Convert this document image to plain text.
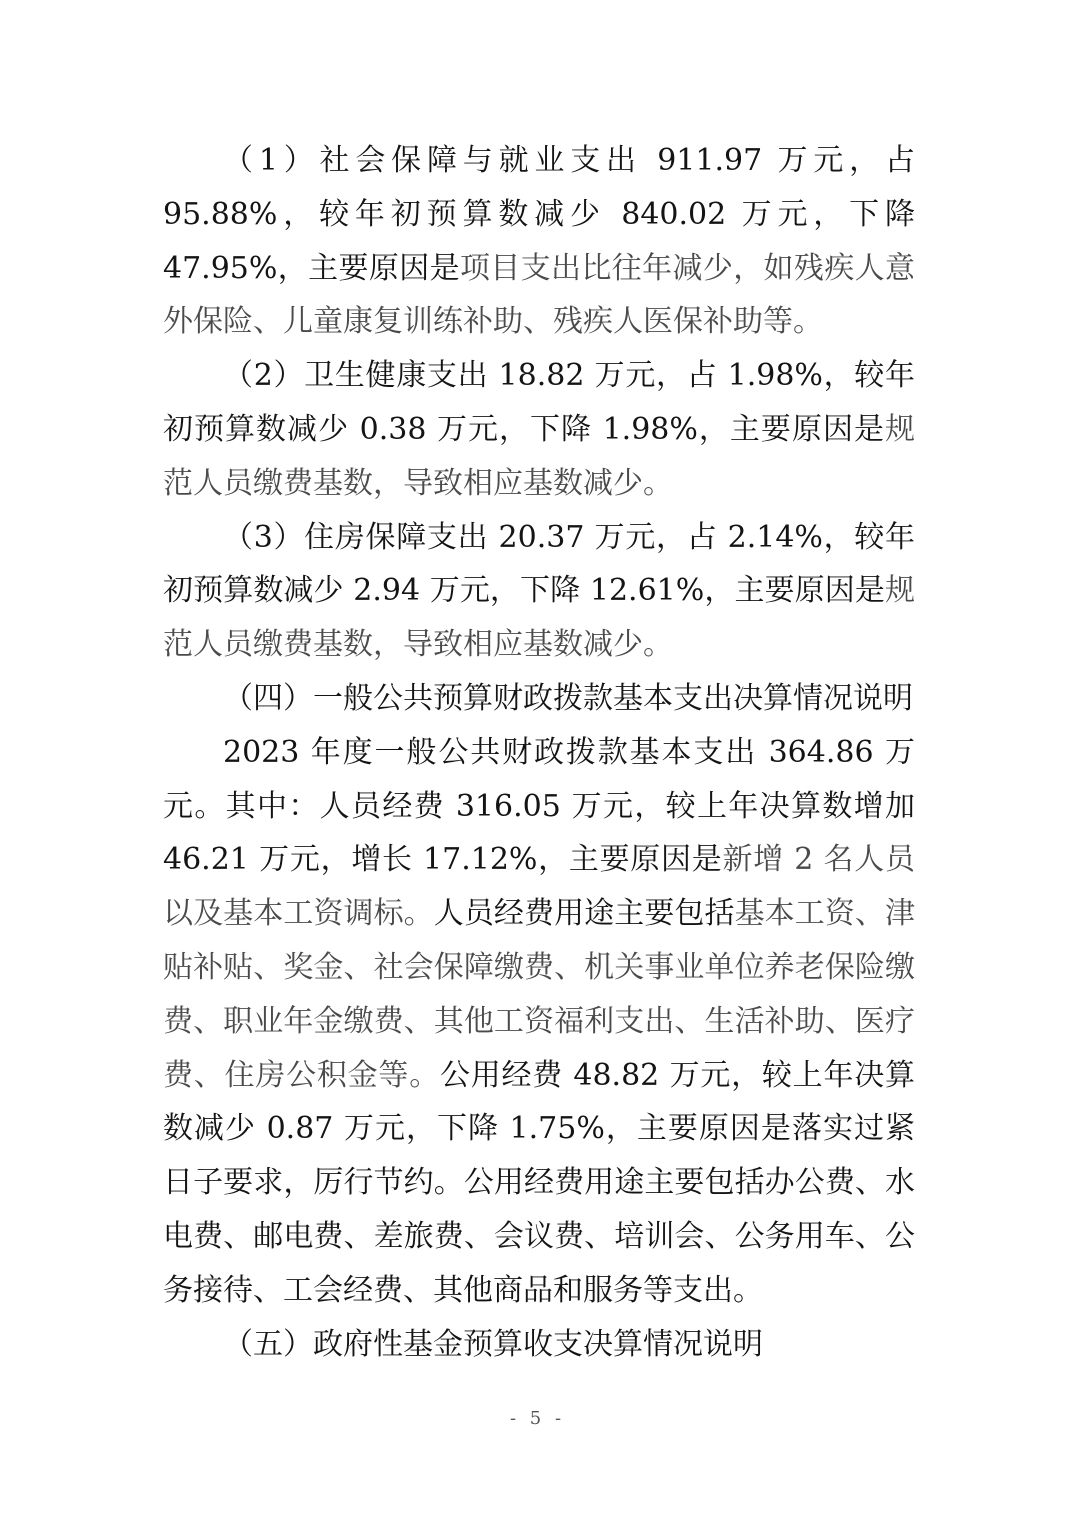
（1）社会保障与就业支出 911.97 万元，占 95.88%，较年初预算数减少 840.02 万元，下降 47.95%，主要原因是项目支出比往年减少，如残疾人意外保险、儿童康复训练补助、残疾人医保补助等。

（2）卫生健康支出 18.82 万元，占 1.98%，较年初预算数减少 0.38 万元，下降 1.98%，主要原因是规范人员缴费基数，导致相应基数减少。

（3）住房保障支出 20.37 万元，占 2.14%，较年初预算数减少 2.94 万元，下降 12.61%，主要原因是规范人员缴费基数，导致相应基数减少。

（四）一般公共预算财政拨款基本支出决算情况说明

2023 年度一般公共财政拨款基本支出 364.86 万元。其中：人员经费 316.05 万元，较上年决算数增加 46.21 万元，增长 17.12%，主要原因是新增 2 名人员以及基本工资调标。人员经费用途主要包括基本工资、津贴补贴、奖金、社会保障缴费、机关事业单位养老保险缴费、职业年金缴费、其他工资福利支出、生活补助、医疗费、住房公积金等。公用经费 48.82 万元，较上年决算数减少 0.87 万元，下降 1.75%，主要原因是落实过紧日子要求，厉行节约。公用经费用途主要包括办公费、水电费、邮电费、差旅费、会议费、培训会、公务用车、公务接待、工会经费、其他商品和服务等支出。

（五）政府性基金预算收支决算情况说明

- 5 -
